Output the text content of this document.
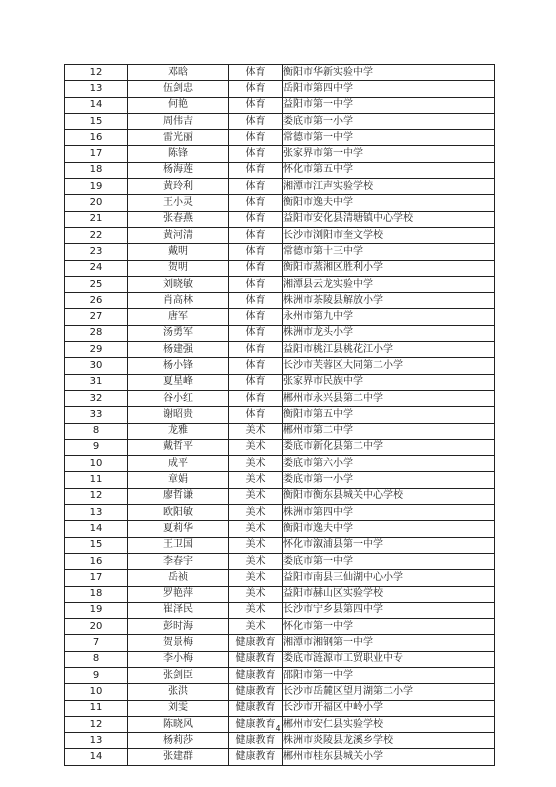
12	邓晗	体育	衡阳市华新实验中学
13	伍剑忠	体育	岳阳市第四中学
14	何艳	体育	益阳市第一中学
15	周伟吉	体育	娄底市第一小学
16	雷光丽	体育	常德市第一中学
17	陈锋	体育	张家界市第一中学
18	杨海莲	体育	怀化市第五中学
19	黄玲利	体育	湘潭市江声实验学校
20	王小灵	体育	衡阳市逸夫中学
21	张春燕	体育	益阳市安化县清塘镇中心学校
22	黄河清	体育	长沙市浏阳市奎文学校
23	戴明	体育	常德市第十三中学
24	贺明	体育	衡阳市蒸湘区胜利小学
25	刘晓敏	体育	湘潭县云龙实验中学
26	肖高林	体育	株洲市茶陵县解放小学
27	唐军	体育	永州市第九中学
28	汤勇军	体育	株洲市龙头小学
29	杨建强	体育	益阳市桃江县桃花江小学
30	杨小锋	体育	长沙市芙蓉区大同第二小学
31	夏星峰	体育	张家界市民族中学
32	谷小红	体育	郴州市永兴县第二中学
33	谢昭贵	体育	衡阳市第五中学
8	龙雅	美术	郴州市第二中学
9	戴哲平	美术	娄底市新化县第二中学
10	成平	美术	娄底市第六小学
11	章娟	美术	娄底市第一小学
12	廖哲谦	美术	衡阳市衡东县城关中心学校
13	欧阳敏	美术	株洲市第四中学
14	夏莉华	美术	衡阳市逸夫中学
15	王卫国	美术	怀化市溆浦县第一中学
16	李春宇	美术	娄底市第一中学
17	岳祯	美术	益阳市南县三仙湖中心小学
18	罗艳萍	美术	益阳市赫山区实验学校
19	崔泽民	美术	长沙市宁乡县第四中学
20	彭时海	美术	怀化市第一中学
7	贺景梅	健康教育	湘潭市湘钢第一中学
8	李小梅	健康教育	娄底市涟源市工贸职业中专
9	张剑臣	健康教育	邵阳市第一中学
10	张洪	健康教育	长沙市岳麓区望月湖第二小学
11	刘雯	健康教育	长沙市开福区中岭小学
12	陈晓风	健康教育	郴州市安仁县实验学校
13	杨莉莎	健康教育	株洲市炎陵县龙溪乡学校
14	张建群	健康教育	郴州市桂东县城关小学
4
